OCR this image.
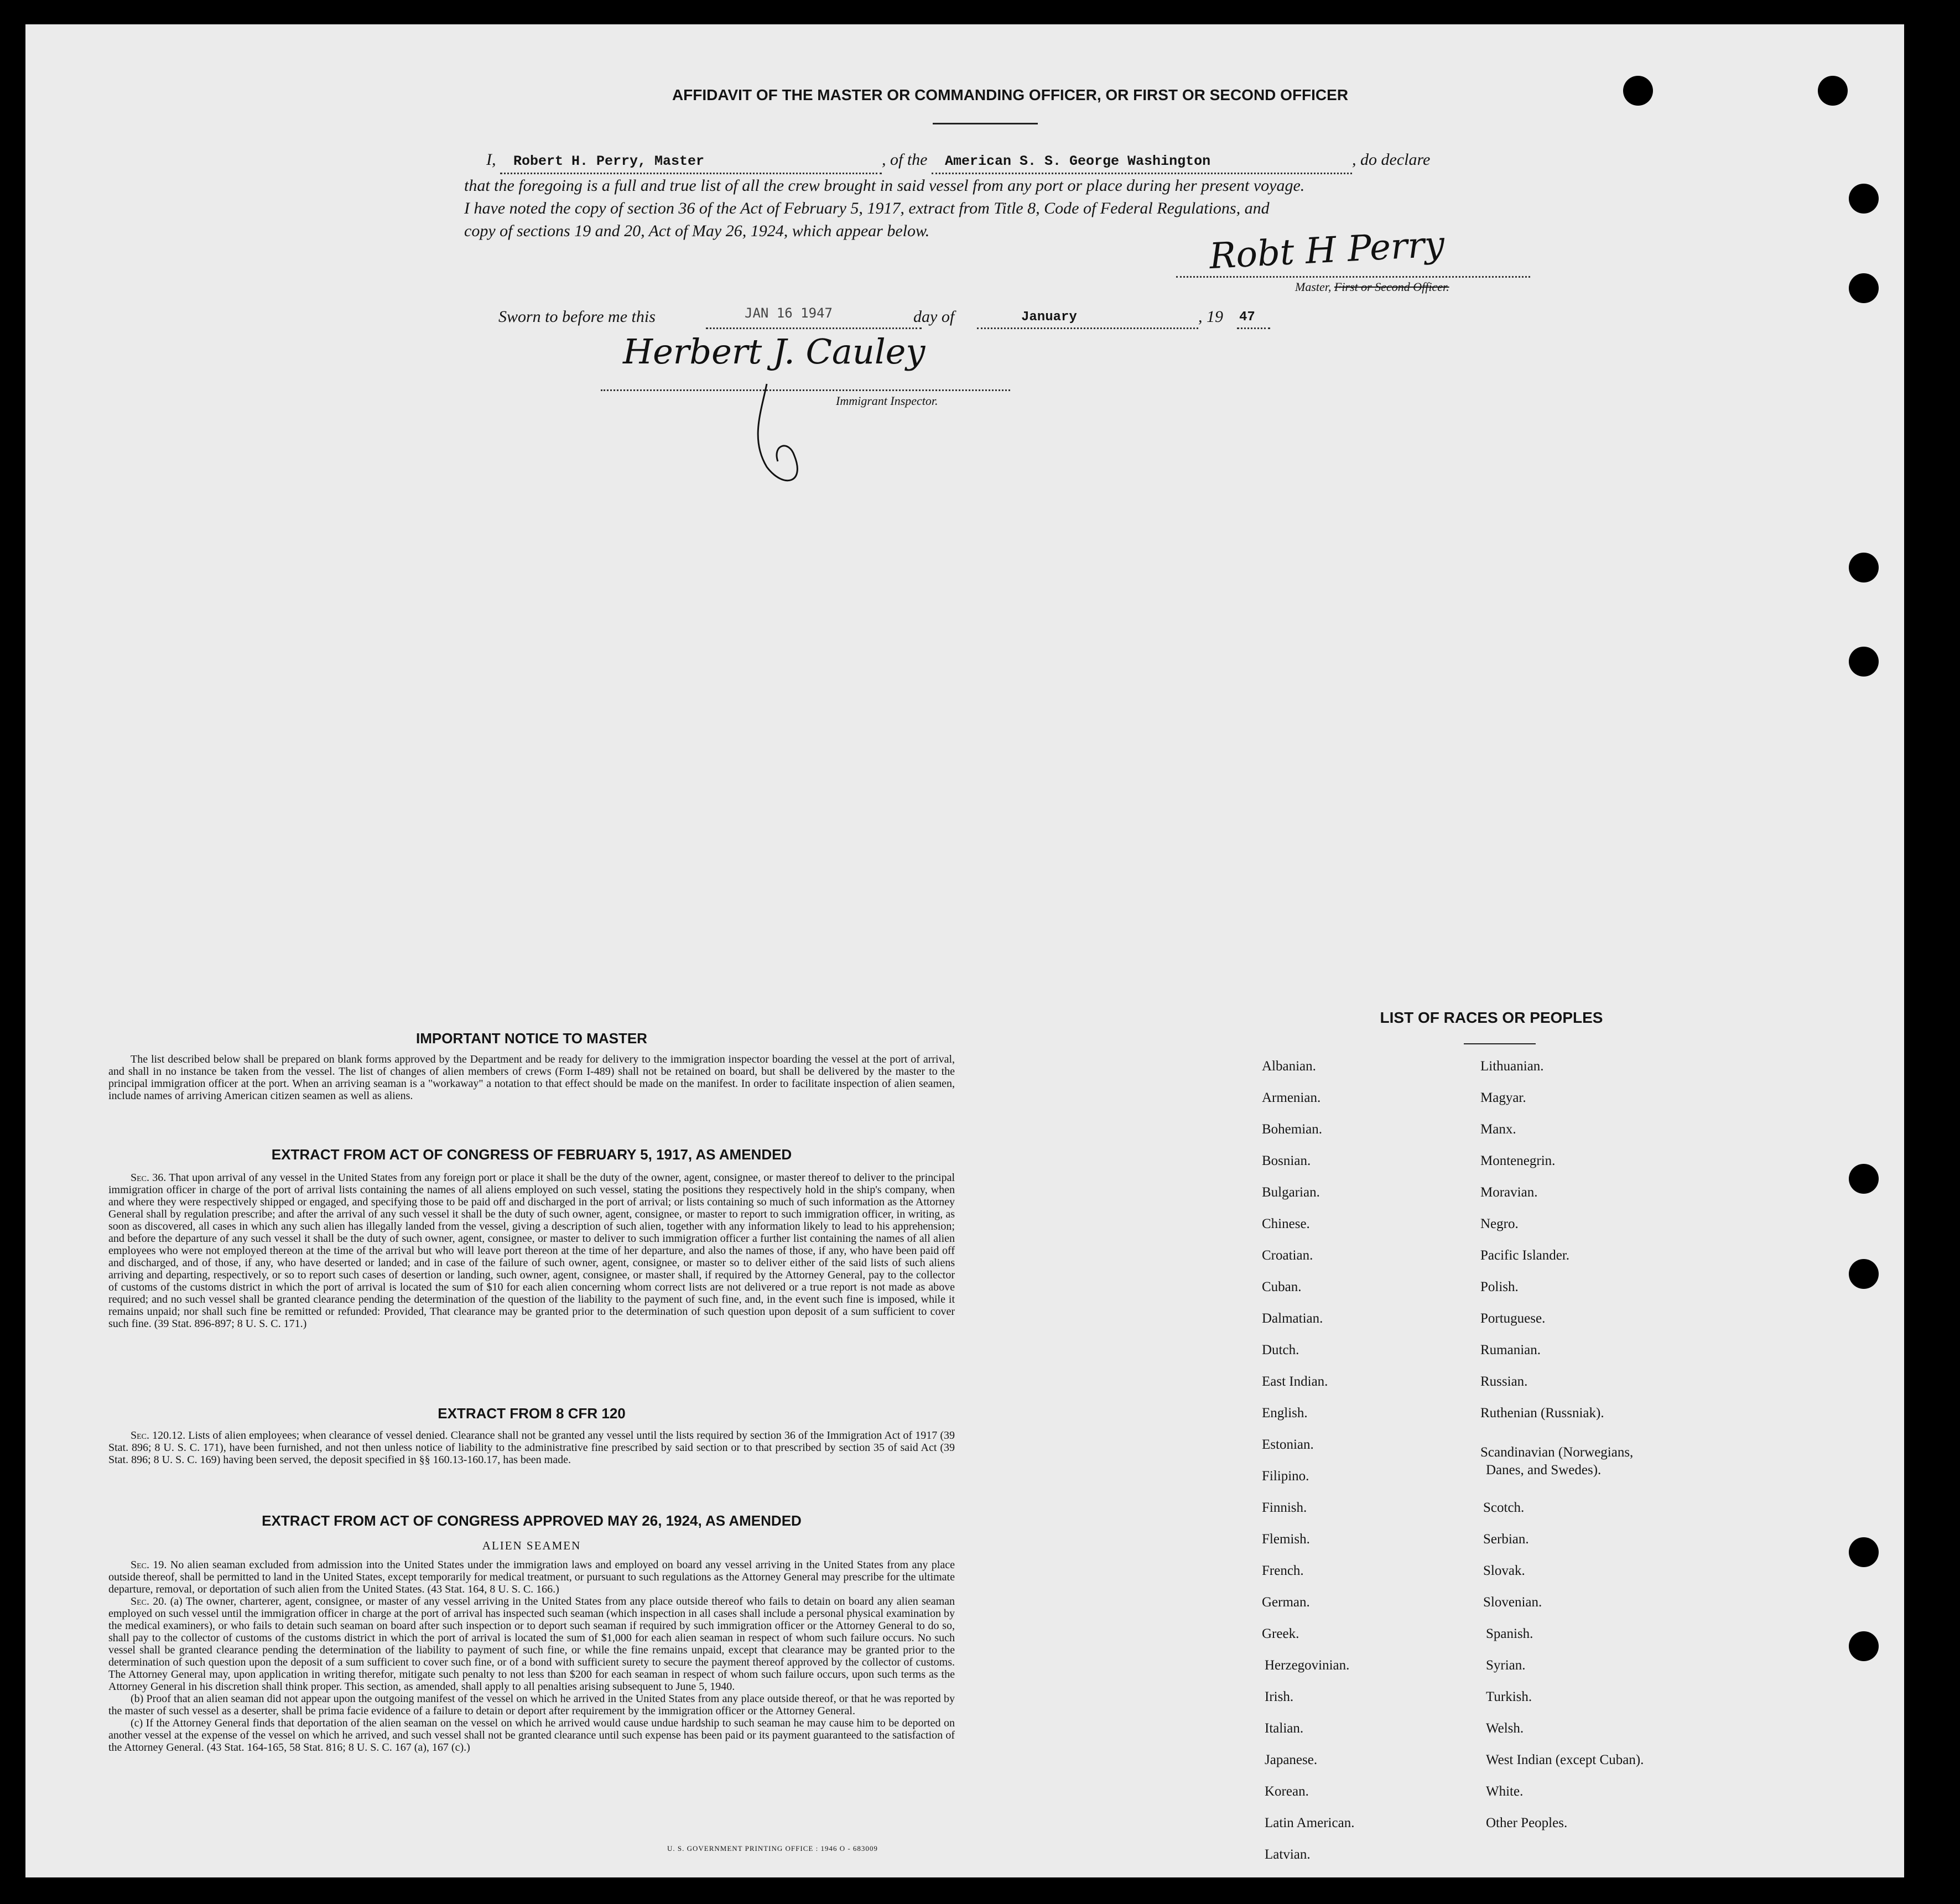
AFFIDAVIT OF THE MASTER OR COMMANDING OFFICER, OR FIRST OR SECOND OFFICER
I, Robert H. Perry, Master	, of the American S. S. George Washington	, do declare
that the foregoing is a full and true list of all the crew brought in said vessel from any port or place during her present voyage.
I have noted the copy of section 36 of the Act of February 5, 1917, extract from Title 8, Code of Federal Regulations, and
copy of sections 19 and 20, Act of May 26, 1924, which appear below.	Robt H Perry
Master, First or Second Officer.
Sworn to before me this	JAN 16 1947	day of	January	, 19 47
Herbert J. Cauley
Immigrant Inspector.
IMPORTANT NOTICE TO MASTER

The list described below shall be prepared on blank forms approved by the Department and be ready for delivery to the immigration inspector boarding the vessel at the port of arrival, and shall in no instance be taken from the vessel. The list of changes of alien members of crews (Form I-489) shall not be retained on board, but shall be delivered by the master to the principal immigration officer at the port. When an arriving seaman is a "workaway" a notation to that effect should be made on the manifest. In order to facilitate inspection of alien seamen, include names of arriving American citizen seamen as well as aliens.

EXTRACT FROM ACT OF CONGRESS OF FEBRUARY 5, 1917, AS AMENDED

Sec. 36. That upon arrival of any vessel in the United States from any foreign port or place it shall be the duty of the owner, agent, consignee, or master thereof to deliver to the principal immigration officer in charge of the port of arrival lists containing the names of all aliens employed on such vessel, stating the positions they respectively hold in the ship's company, when and where they were respectively shipped or engaged, and specifying those to be paid off and discharged in the port of arrival; or lists containing so much of such information as the Attorney General shall by regulation prescribe; and after the arrival of any such vessel it shall be the duty of such owner, agent, consignee, or master to report to such immigration officer, in writing, as soon as discovered, all cases in which any such alien has illegally landed from the vessel, giving a description of such alien, together with any information likely to lead to his apprehension; and before the departure of any such vessel it shall be the duty of such owner, agent, consignee, or master to deliver to such immigration officer a further list containing the names of all alien employees who were not employed thereon at the time of the arrival but who will leave port thereon at the time of her departure, and also the names of those, if any, who have been paid off and discharged, and of those, if any, who have deserted or landed; and in case of the failure of such owner, agent, consignee, or master so to deliver either of the said lists of such aliens arriving and departing, respectively, or so to report such cases of desertion or landing, such owner, agent, consignee, or master shall, if required by the Attorney General, pay to the collector of customs of the customs district in which the port of arrival is located the sum of $10 for each alien concerning whom correct lists are not delivered or a true report is not made as above required; and no such vessel shall be granted clearance pending the determination of the question of the liability to the payment of such fine, and, in the event such fine is imposed, while it remains unpaid; nor shall such fine be remitted or refunded: Provided, That clearance may be granted prior to the determination of such question upon deposit of a sum sufficient to cover such fine. (39 Stat. 896-897; 8 U. S. C. 171.)

EXTRACT FROM 8 CFR 120

Sec. 120.12. Lists of alien employees; when clearance of vessel denied. Clearance shall not be granted any vessel until the lists required by section 36 of the Immigration Act of 1917 (39 Stat. 896; 8 U. S. C. 171), have been furnished, and not then unless notice of liability to the administrative fine prescribed by said section or to that prescribed by section 35 of said Act (39 Stat. 896; 8 U. S. C. 169) having been served, the deposit specified in §§ 160.13-160.17, has been made.

EXTRACT FROM ACT OF CONGRESS APPROVED MAY 26, 1924, AS AMENDED
ALIEN SEAMEN

Sec. 19. No alien seaman excluded from admission into the United States under the immigration laws and employed on board any vessel arriving in the United States from any place outside thereof, shall be permitted to land in the United States, except temporarily for medical treatment, or pursuant to such regulations as the Attorney General may prescribe for the ultimate departure, removal, or deportation of such alien from the United States. (43 Stat. 164, 8 U. S. C. 166.)

Sec. 20. (a) The owner, charterer, agent, consignee, or master of any vessel arriving in the United States from any place outside thereof who fails to detain on board any alien seaman employed on such vessel until the immigration officer in charge at the port of arrival has inspected such seaman (which inspection in all cases shall include a personal physical examination by the medical examiners), or who fails to detain such seaman on board after such inspection or to deport such seaman if required by such immigration officer or the Attorney General to do so, shall pay to the collector of customs of the customs district in which the port of arrival is located the sum of $1,000 for each alien seaman in respect of whom such failure occurs. No such vessel shall be granted clearance pending the determination of the liability to payment of such fine, or while the fine remains unpaid, except that clearance may be granted prior to the determination of such question upon the deposit of a sum sufficient to cover such fine, or of a bond with sufficient surety to secure the payment thereof approved by the collector of customs. The Attorney General may, upon application in writing therefor, mitigate such penalty to not less than $200 for each seaman in respect of whom such failure occurs, upon such terms as the Attorney General in his discretion shall think proper. This section, as amended, shall apply to all penalties arising subsequent to June 5, 1940.

(b) Proof that an alien seaman did not appear upon the outgoing manifest of the vessel on which he arrived in the United States from any place outside thereof, or that he was reported by the master of such vessel as a deserter, shall be prima facie evidence of a failure to detain or deport after requirement by the immigration officer or the Attorney General.

(c) If the Attorney General finds that deportation of the alien seaman on the vessel on which he arrived would cause undue hardship to such seaman he may cause him to be deported on another vessel at the expense of the vessel on which he arrived, and such vessel shall not be granted clearance until such expense has been paid or its payment guaranteed to the satisfaction of the Attorney General. (43 Stat. 164-165, 58 Stat. 816; 8 U. S. C. 167 (a), 167 (c).)

U. S. GOVERNMENT PRINTING OFFICE : 1946 O - 683009
LIST OF RACES OR PEOPLES
Albanian.
Armenian.
Bohemian.
Bosnian.
Bulgarian.
Chinese.
Croatian.
Cuban.
Dalmatian.
Dutch.
East Indian.
English.
Estonian.
Filipino.
Finnish.
Flemish.
French.
German.
Greek.
Herzegovinian.
Irish.
Italian.
Japanese.
Korean.
Latin American.
Latvian.
Lithuanian.
Magyar.
Manx.
Montenegrin.
Moravian.
Negro.
Pacific Islander.
Polish.
Portuguese.
Rumanian.
Russian.
Ruthenian (Russniak).
Scandinavian (Norwegians,
Danes, and Swedes).
Scotch.
Serbian.
Slovak.
Slovenian.
Spanish.
Syrian.
Turkish.
Welsh.
West Indian (except Cuban).
White.
Other Peoples.
